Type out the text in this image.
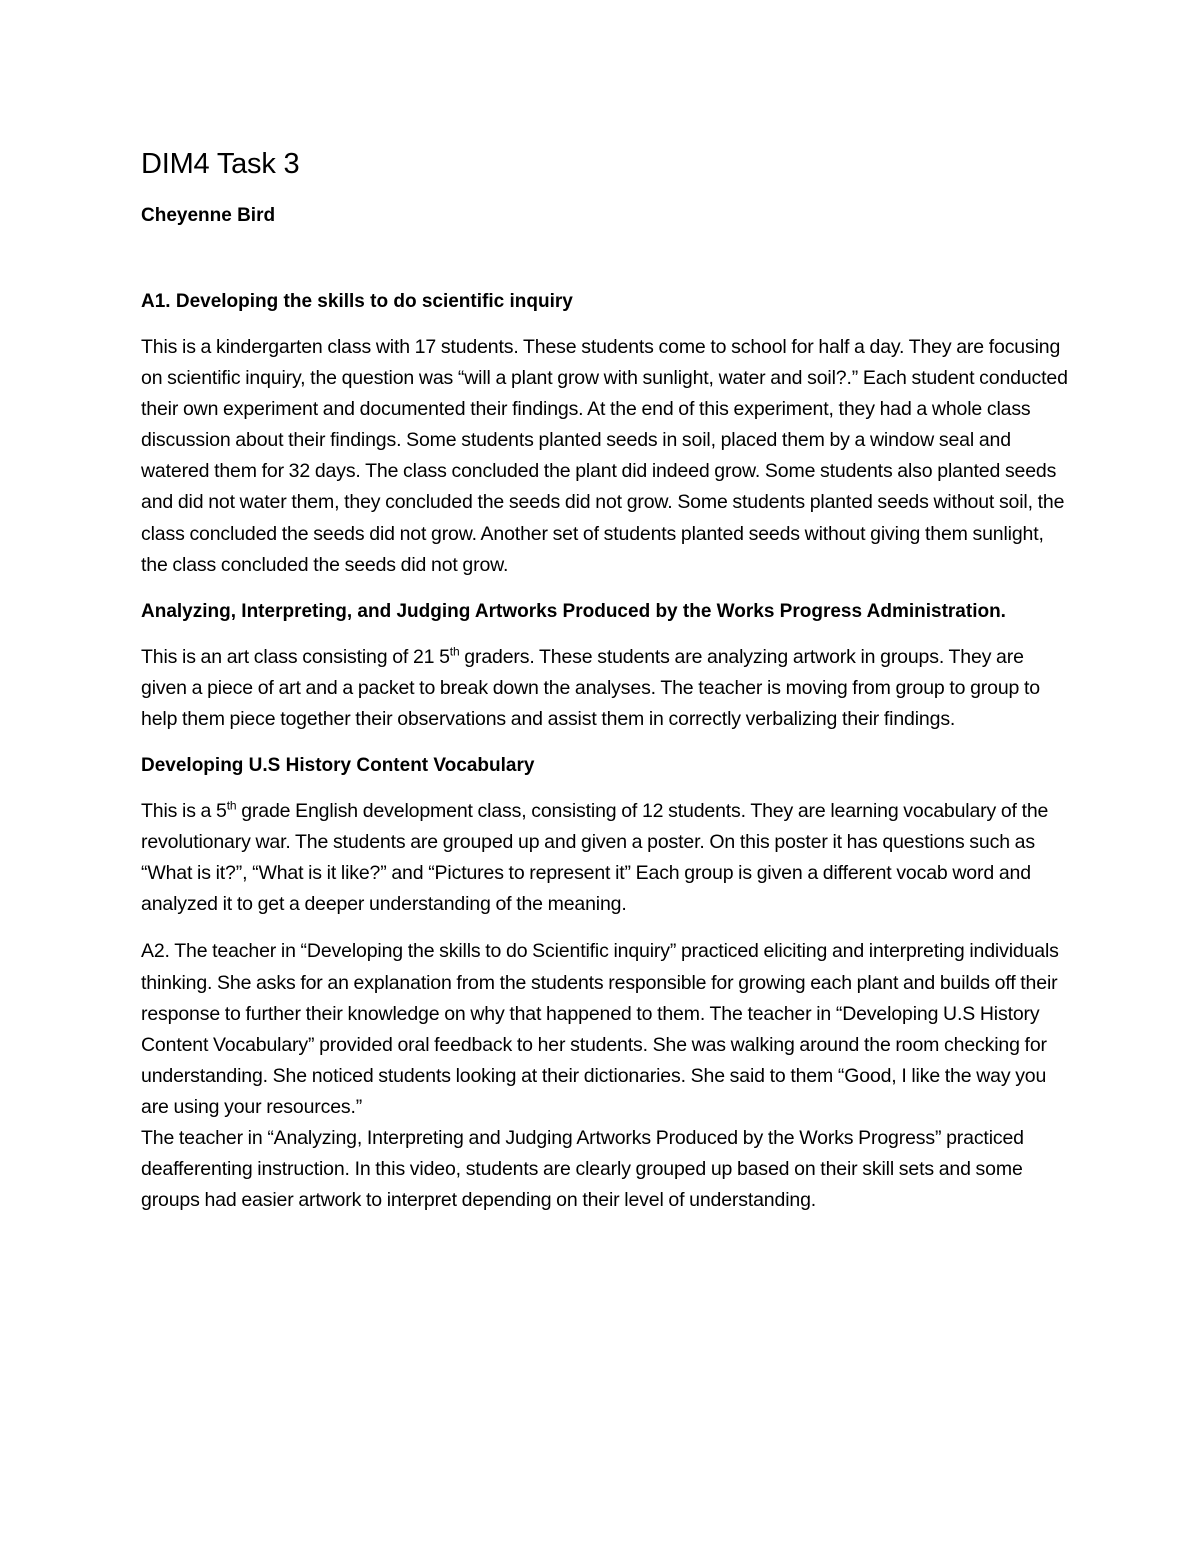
DIM4 Task 3

Cheyenne Bird

A1. Developing the skills to do scientific inquiry

This is a kindergarten class with 17 students. These students come to school for half a day. They are focusing on scientific inquiry, the question was “will a plant grow with sunlight, water and soil?.” Each student conducted their own experiment and documented their findings. At the end of this experiment, they had a whole class discussion about their findings. Some students planted seeds in soil, placed them by a window seal and watered them for 32 days. The class concluded the plant did indeed grow. Some students also planted seeds and did not water them, they concluded the seeds did not grow. Some students planted seeds without soil, the class concluded the seeds did not grow. Another set of students planted seeds without giving them sunlight, the class concluded the seeds did not grow.

Analyzing, Interpreting, and Judging Artworks Produced by the Works Progress Administration.

This is an art class consisting of 21 5th graders. These students are analyzing artwork in groups. They are given a piece of art and a packet to break down the analyses. The teacher is moving from group to group to help them piece together their observations and assist them in correctly verbalizing their findings.

Developing U.S History Content Vocabulary

This is a 5th grade English development class, consisting of 12 students. They are learning vocabulary of the revolutionary war. The students are grouped up and given a poster. On this poster it has questions such as “What is it?”, “What is it like?” and “Pictures to represent it” Each group is given a different vocab word and analyzed it to get a deeper understanding of the meaning.

A2. The teacher in “Developing the skills to do Scientific inquiry” practiced eliciting and interpreting individuals thinking. She asks for an explanation from the students responsible for growing each plant and builds off their response to further their knowledge on why that happened to them. The teacher in “Developing U.S History Content Vocabulary” provided oral feedback to her students. She was walking around the room checking for understanding. She noticed students looking at their dictionaries. She said to them “Good, I like the way you are using your resources.”

The teacher in “Analyzing, Interpreting and Judging Artworks Produced by the Works Progress” practiced deafferenting instruction. In this video, students are clearly grouped up based on their skill sets and some groups had easier artwork to interpret depending on their level of understanding.
